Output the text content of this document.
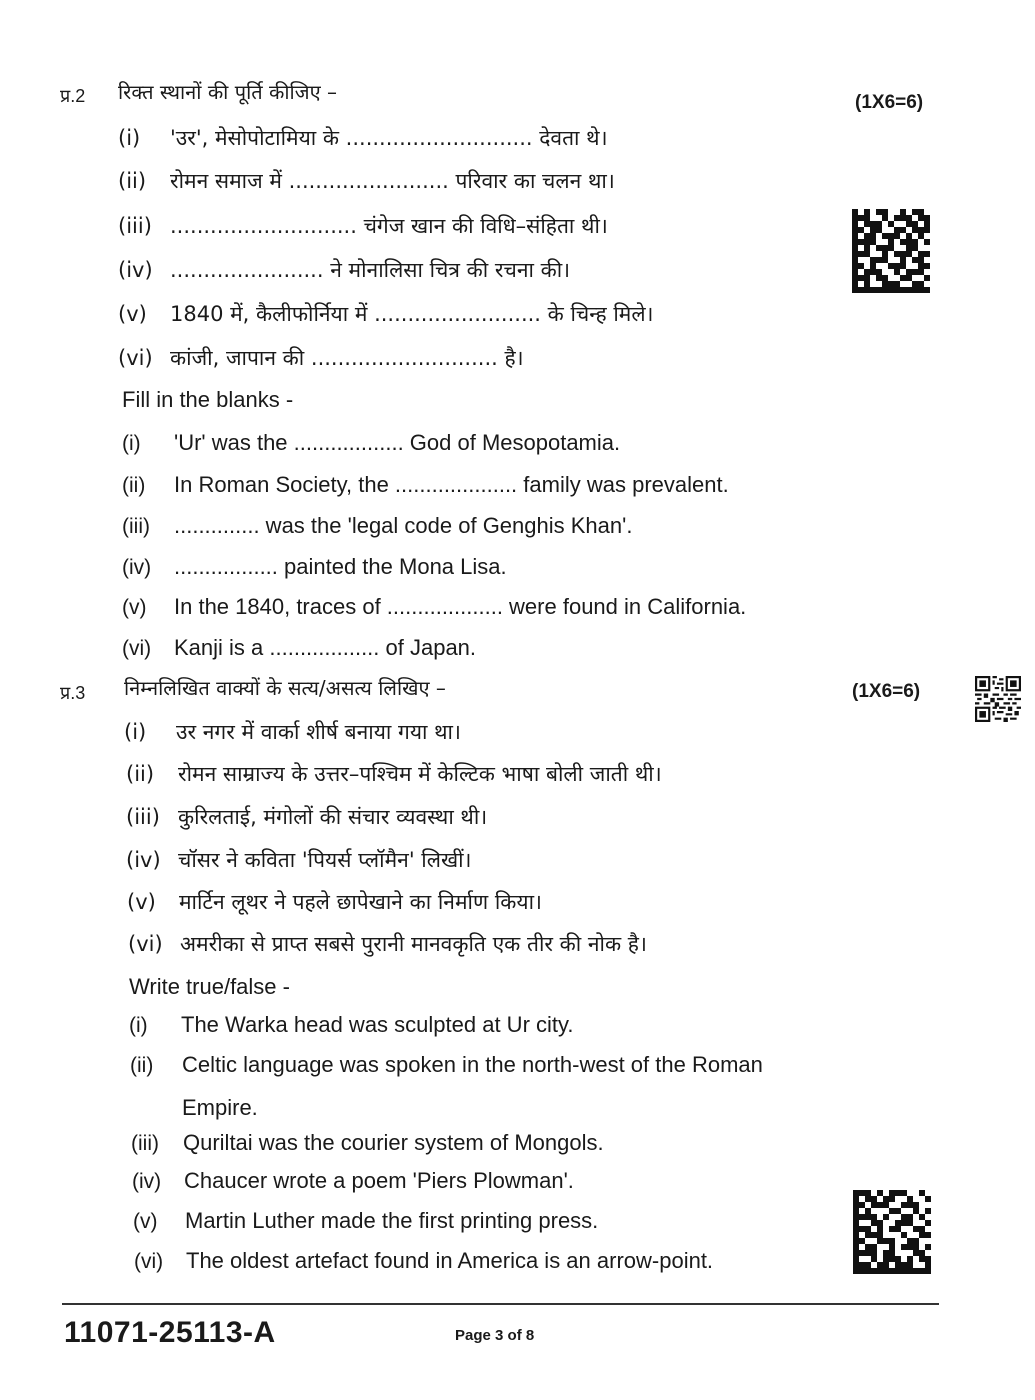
प्र.2 रिक्त स्थानों की पूर्ति कीजिए –	(1X6=6)
(i) 'उर', मेसोपोटामिया के ............................ देवता थे।
(ii) रोमन समाज में ........................ परिवार का चलन था।
(iii) ............................ चंगेज खान की विधि–संहिता थी।
(iv) ....................... ने मोनालिसा चित्र की रचना की।
(v) 1840 में, कैलीफोर्निया में ......................... के चिन्ह मिले।
(vi) कांजी, जापान की ............................ है।
Fill in the blanks -
(i) 'Ur' was the .................. God of Mesopotamia.
(ii) In Roman Society, the .................... family was prevalent.
(iii) .............. was the 'legal code of Genghis Khan'.
(iv) ................. painted the Mona Lisa.
(v) In the 1840, traces of ................... were found in California.
(vi) Kanji is a .................. of Japan.
प्र.3 निम्नलिखित वाक्यों के सत्य/असत्य लिखिए –	(1X6=6)
(i) उर नगर में वार्का शीर्ष बनाया गया था।
(ii) रोमन साम्राज्य के उत्तर–पश्चिम में केल्टिक भाषा बोली जाती थी।
(iii) कुरिलताई, मंगोलों की संचार व्यवस्था थी।
(iv) चॉसर ने कविता 'पियर्स प्लॉमैन' लिखीं।
(v) मार्टिन लूथर ने पहले छापेखाने का निर्माण किया।
(vi) अमरीका से प्राप्त सबसे पुरानी मानवकृति एक तीर की नोक है।
Write true/false -
(i) The Warka head was sculpted at Ur city.
(ii) Celtic language was spoken in the north-west of the Roman
Empire.
(iii) Quriltai was the courier system of Mongols.
(iv) Chaucer wrote a poem 'Piers Plowman'.
(v) Martin Luther made the first printing press.
(vi) The oldest artefact found in America is an arrow-point.
11071-25113-A	Page 3 of 8
